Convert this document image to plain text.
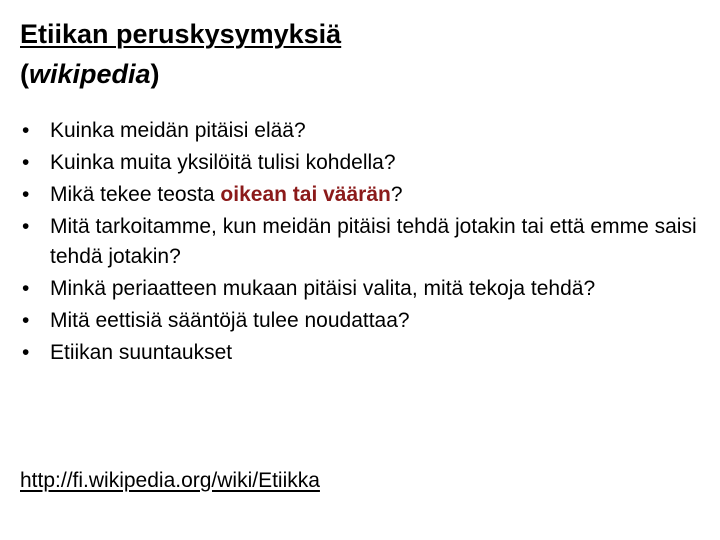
Etiikan peruskysymyksiä
(wikipedia)
• Kuinka meidän pitäisi elää?
• Kuinka muita yksilöitä tulisi kohdella?
• Mikä tekee teosta oikean tai väärän?
• Mitä tarkoitamme, kun meidän pitäisi tehdä jotakin tai että emme saisi tehdä jotakin?
• Minkä periaatteen mukaan pitäisi valita, mitä tekoja tehdä?
• Mitä eettisiä sääntöjä tulee noudattaa?
• Etiikan suuntaukset
http://fi.wikipedia.org/wiki/Etiikka
